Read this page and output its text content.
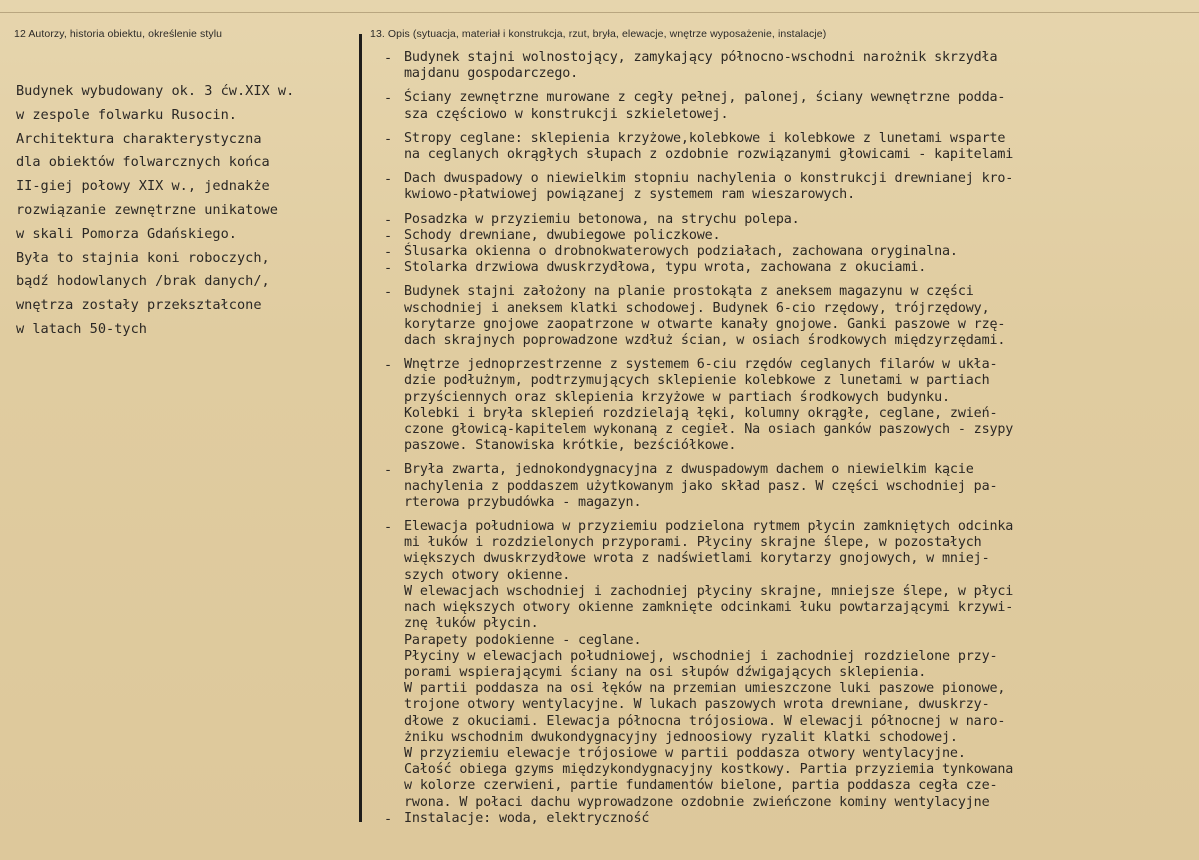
12 Autorzy, historia obiektu, określenie stylu
Budynek wybudowany ok. 3 ćw.XIX w.
w zespole folwarku Rusocin.
Architektura charakterystyczna
dla obiektów folwarcznych końca
II-giej połowy XIX w., jednakże
rozwiązanie zewnętrzne unikatowe
w skali Pomorza Gdańskiego.
Była to stajnia koni roboczych,
bądź hodowlanych /brak danych/,
wnętrza zostały przekształcone
w latach 50-tych
13. Opis (sytuacja, materiał i konstrukcja, rzut, bryła, elewacje, wnętrze wyposażenie, instalacje)
- Budynek stajni wolnostojący, zamykający północno-wschodni narożnik skrzydła
majdanu gospodarczego.
- Ściany zewnętrzne murowane z cegły pełnej, palonej, ściany wewnętrzne podda-
sza częściowo w konstrukcji szkieletowej.
- Stropy ceglane: sklepienia krzyżowe,kolebkowe i kolebkowe z lunetami wsparte
na ceglanych okrągłych słupach z ozdobnie rozwiązanymi głowicami - kapitelami
- Dach dwuspadowy o niewielkim stopniu nachylenia o konstrukcji drewnianej kro-
kwiowo-płatwiowej powiązanej z systemem ram wieszarowych.
- Posadzka w przyziemiu betonowa, na strychu polepa.
- Schody drewniane, dwubiegowe policzkowe.
- Ślusarka okienna o drobnokwaterowych podziałach, zachowana oryginalna.
- Stolarka drzwiowa dwuskrzydłowa, typu wrota, zachowana z okuciami.
- Budynek stajni założony na planie prostokąta z aneksem magazynu w części
wschodniej i aneksem klatki schodowej. Budynek 6-cio rzędowy, trójrzędowy,
korytarze gnojowe zaopatrzone w otwarte kanały gnojowe. Ganki paszowe w rzę-
dach skrajnych poprowadzone wzdłuż ścian, w osiach środkowych międzyrzędami.
- Wnętrze jednoprzestrzenne z systemem 6-ciu rzędów ceglanych filarów w ukła-
dzie podłużnym, podtrzymujących sklepienie kolebkowe z lunetami w partiach
przyściennych oraz sklepienia krzyżowe w partiach środkowych budynku.
Kolebki i bryła sklepień rozdzielają łęki, kolumny okrągłe, ceglane, zwień-
czone głowicą-kapitelem wykonaną z cegieł. Na osiach ganków paszowych - zsypy
paszowe. Stanowiska krótkie, bezściółkowe.
- Bryła zwarta, jednokondygnacyjna z dwuspadowym dachem o niewielkim kącie
nachylenia z poddaszem użytkowanym jako skład pasz. W części wschodniej pa-
rterowa przybudówka - magazyn.
- Elewacja południowa w przyziemiu podzielona rytmem płycin zamkniętych odcinka
mi łuków i rozdzielonych przyporami. Płyciny skrajne ślepe, w pozostałych
większych dwuskrzydłowe wrota z nadświetlami korytarzy gnojowych, w mniej-
szych otwory okienne.
W elewacjach wschodniej i zachodniej płyciny skrajne, mniejsze ślepe, w płyci
nach większych otwory okienne zamknięte odcinkami łuku powtarzającymi krzywi-
znę łuków płycin.
Parapety podokienne - ceglane.
Płyciny w elewacjach południowej, wschodniej i zachodniej rozdzielone przy-
porami wspierającymi ściany na osi słupów dźwigających sklepienia.
W partii poddasza na osi łęków na przemian umieszczone luki paszowe pionowe,
trojone otwory wentylacyjne. W lukach paszowych wrota drewniane, dwuskrzy-
dłowe z okuciami. Elewacja północna trójosiowa. W elewacji północnej w naro-
żniku wschodnim dwukondygnacyjny jednoosiowy ryzalit klatki schodowej.
W przyziemiu elewacje trójosiowe w partii poddasza otwory wentylacyjne.
Całość obiega gzyms międzykondygnacyjny kostkowy. Partia przyziemia tynkowana
w kolorze czerwieni, partie fundamentów bielone, partia poddasza cegła cze-
rwona. W połaci dachu wyprowadzone ozdobnie zwieńczone kominy wentylacyjne
- Instalacje: woda, elektryczność
